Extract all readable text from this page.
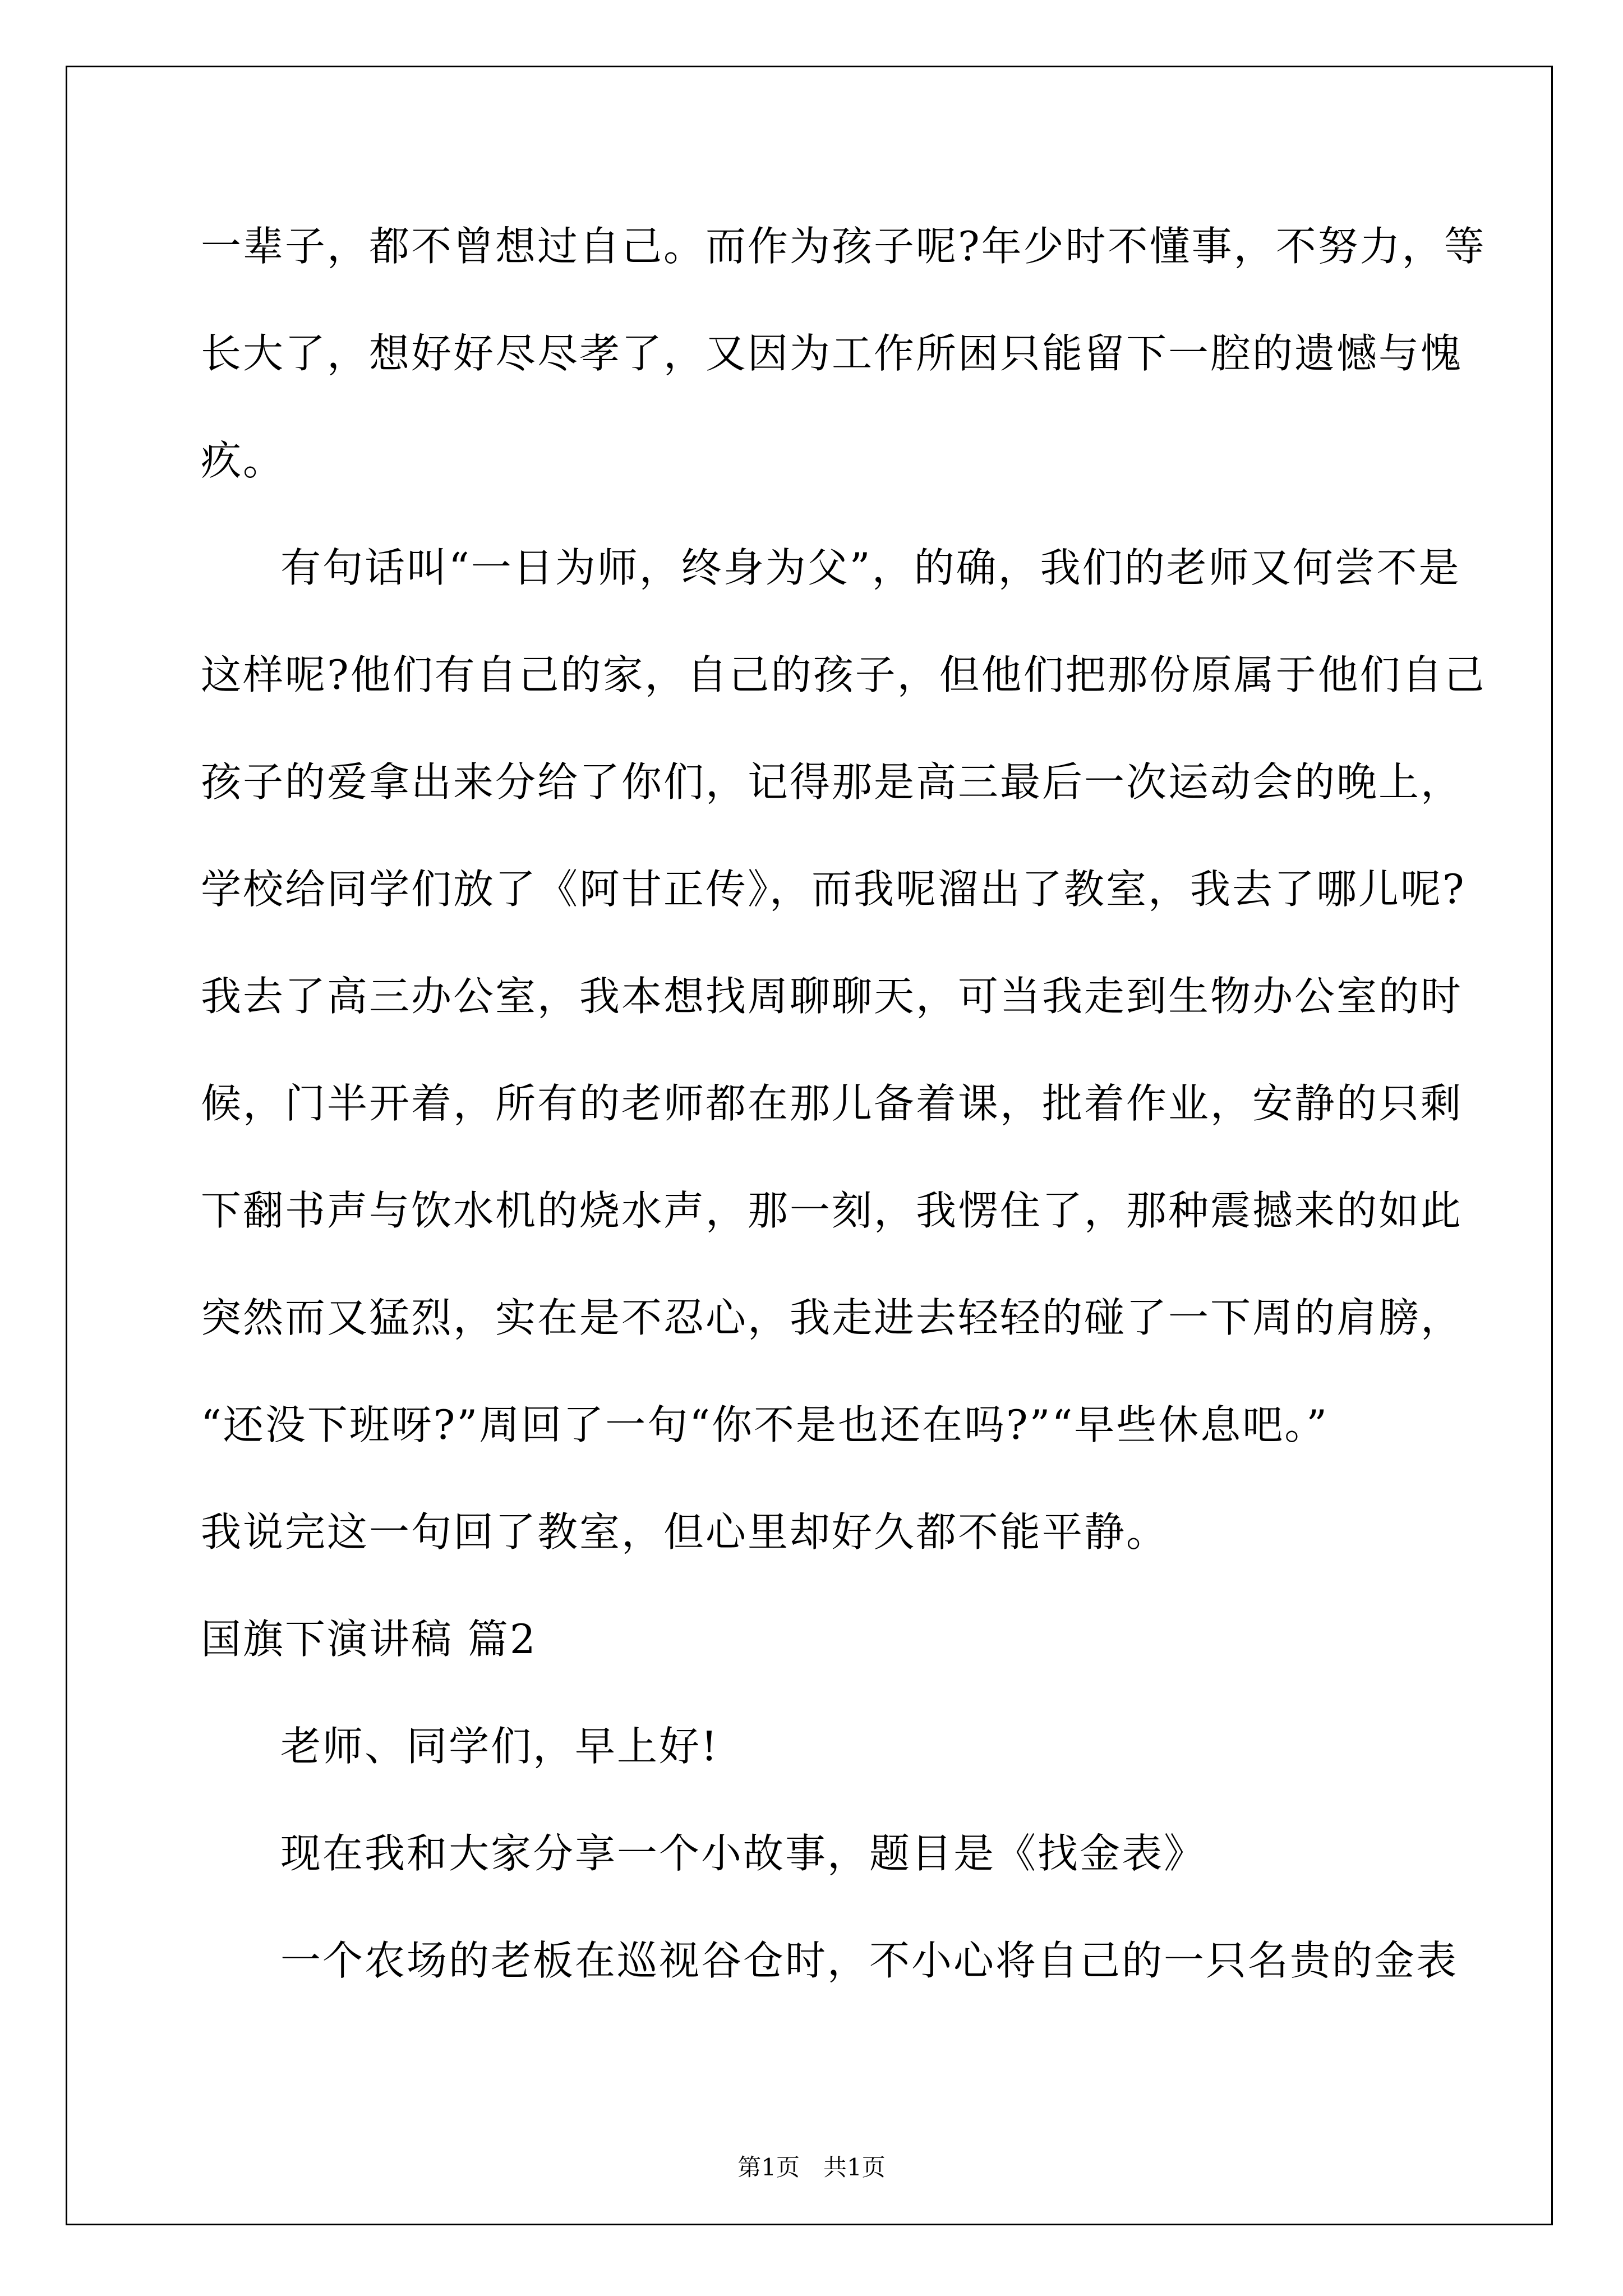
一辈子，都不曾想过自己。而作为孩子呢?年少时不懂事，不努力，等
长大了，想好好尽尽孝了，又因为工作所困只能留下一腔的遗憾与愧
疚。
有句话叫“一日为师，终身为父”，的确，我们的老师又何尝不是
这样呢?他们有自己的家，自己的孩子，但他们把那份原属于他们自己
孩子的爱拿出来分给了你们，记得那是高三最后一次运动会的晚上，
学校给同学们放了《阿甘正传》，而我呢溜出了教室，我去了哪儿呢?
我去了高三办公室，我本想找周聊聊天，可当我走到生物办公室的时
候，门半开着，所有的老师都在那儿备着课，批着作业，安静的只剩
下翻书声与饮水机的烧水声，那一刻，我愣住了，那种震撼来的如此
突然而又猛烈，实在是不忍心，我走进去轻轻的碰了一下周的肩膀，
“还没下班呀?”周回了一句“你不是也还在吗?”“早些休息吧。”
我说完这一句回了教室，但心里却好久都不能平静。
国旗下演讲稿 篇2
老师、同学们，早上好!
现在我和大家分享一个小故事，题目是《找金表》
一个农场的老板在巡视谷仓时，不小心将自己的一只名贵的金表
第1页　共1页
